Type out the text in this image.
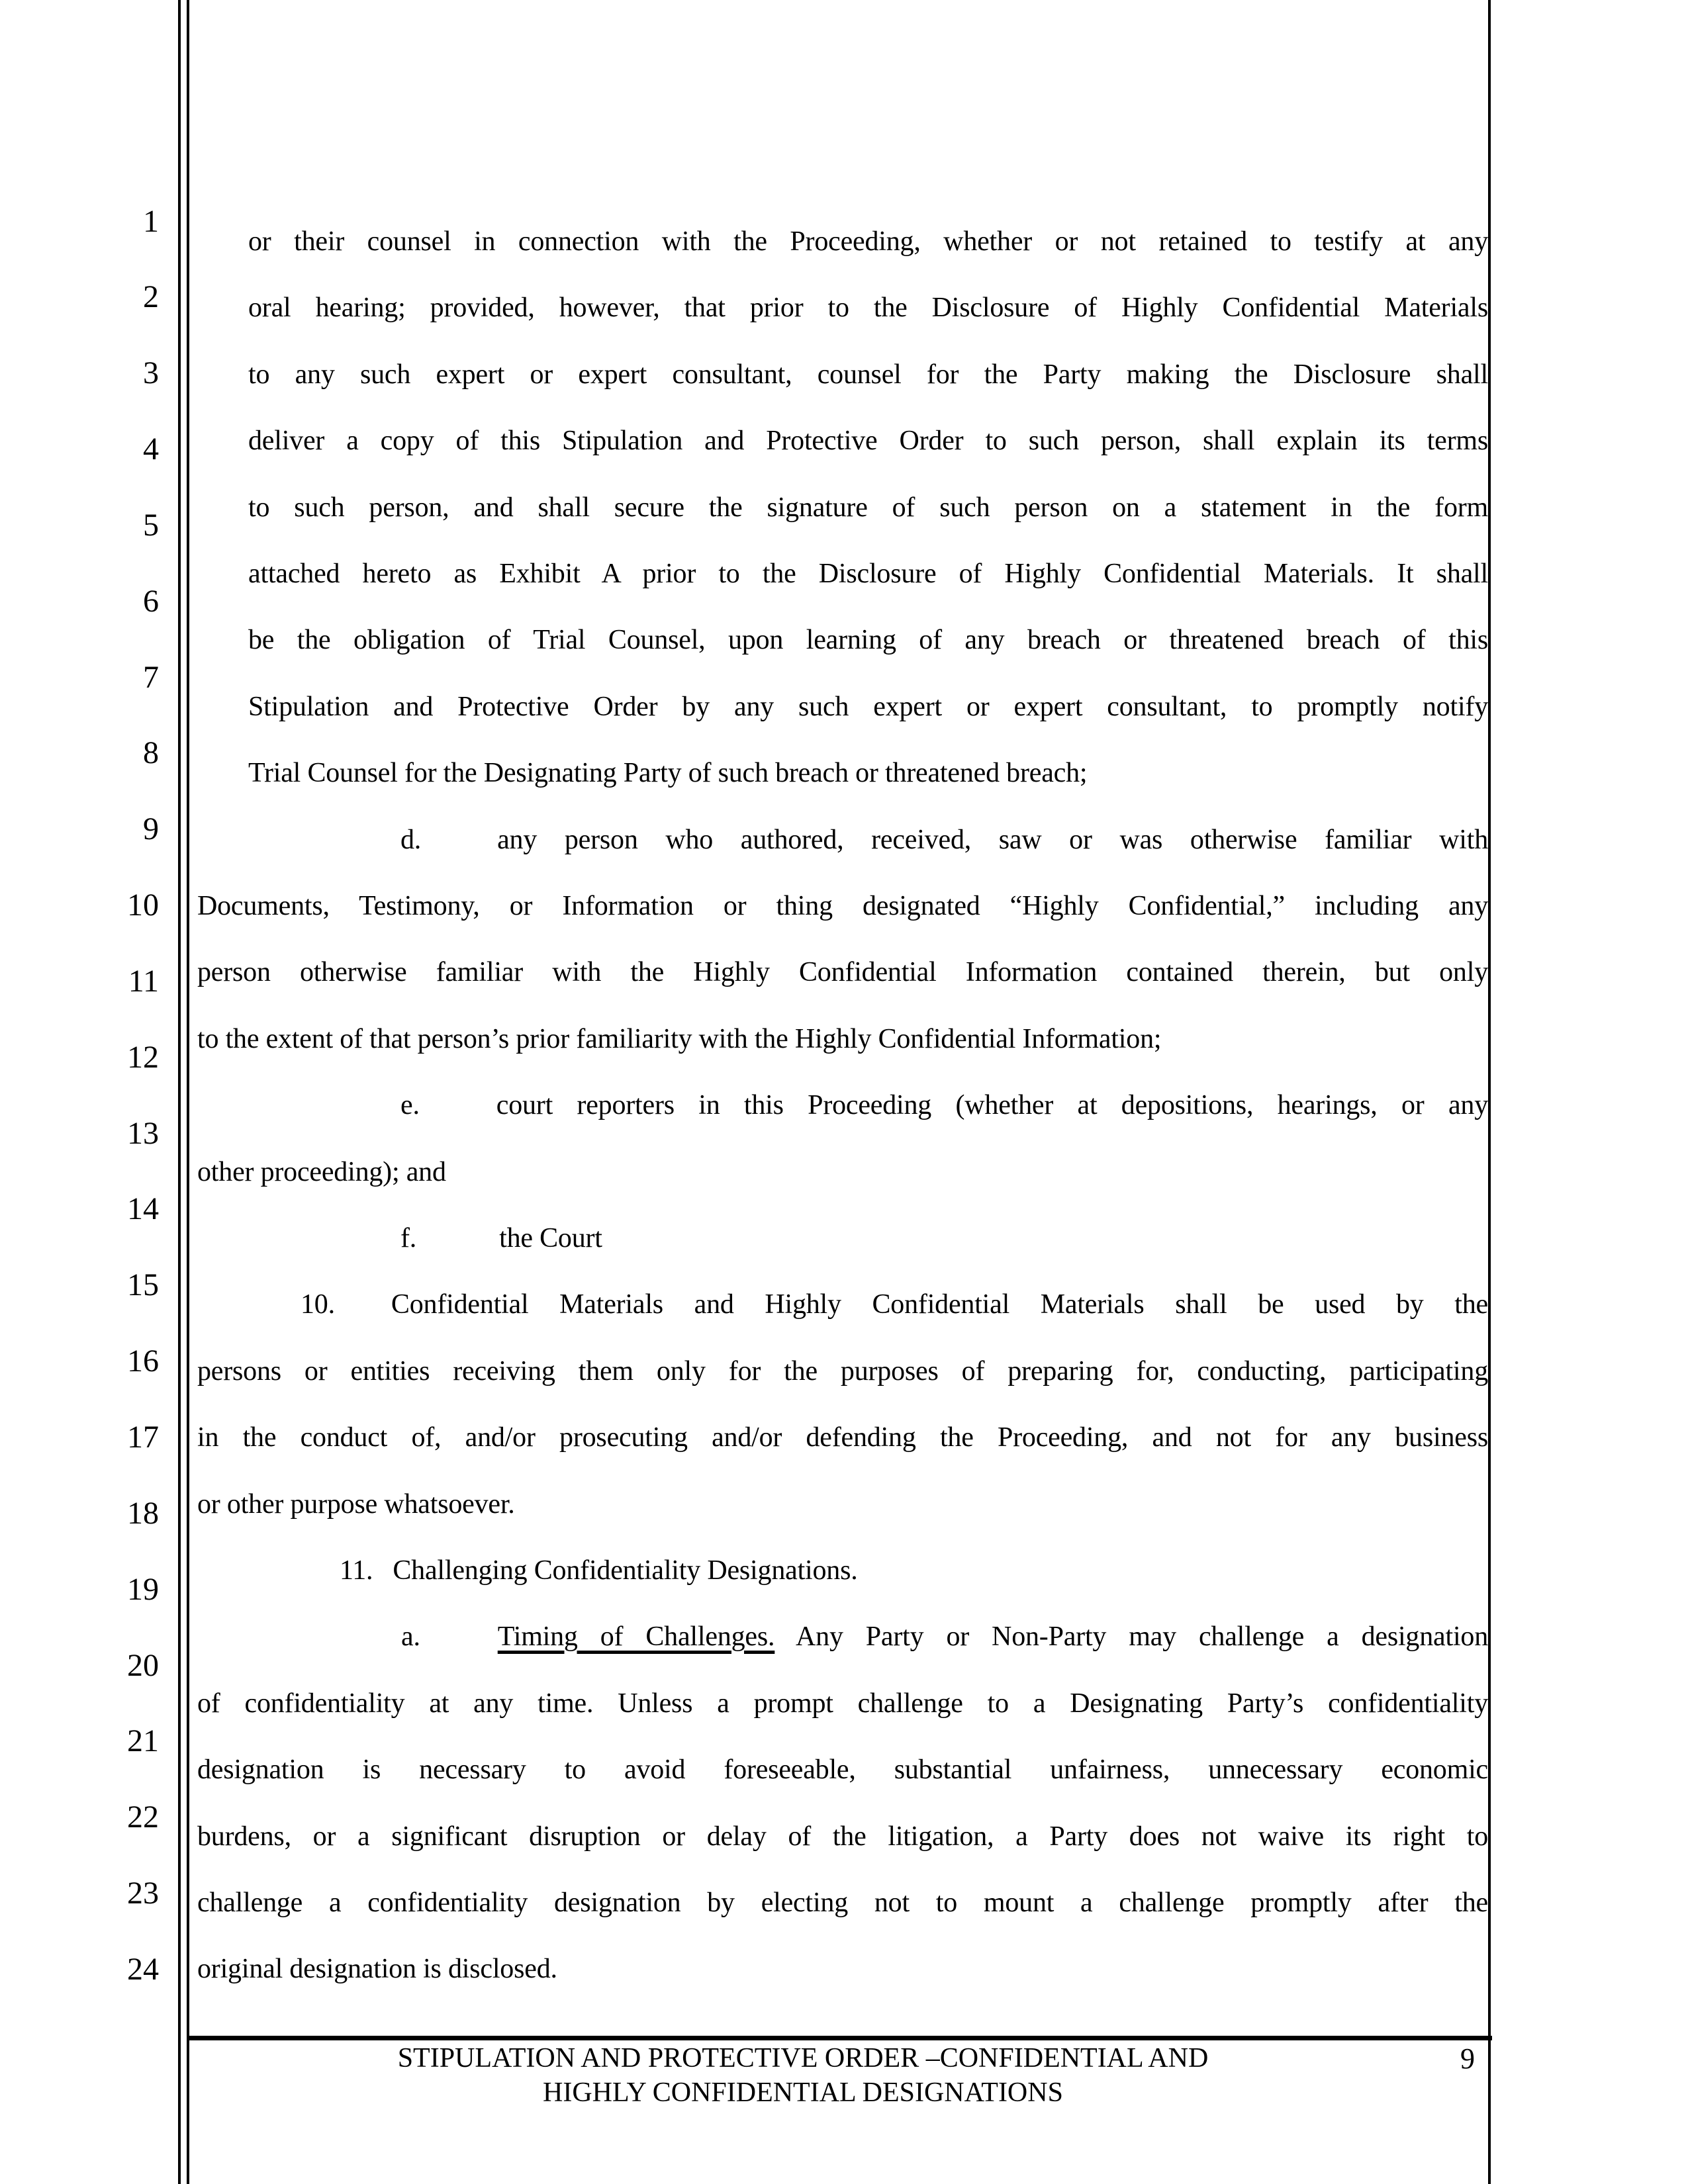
1
2
3
4
5
6
7
8
9
10
11
12
13
14
15
16
17
18
19
20
21
22
23
24
or their counsel in connection with the Proceeding, whether or not retained to testify at any
oral hearing; provided, however, that prior to the Disclosure of Highly Confidential Materials
to any such expert or expert consultant, counsel for the Party making the Disclosure shall
deliver a copy of this Stipulation and Protective Order to such person, shall explain its terms
to such person, and shall secure the signature of such person on a statement in the form
attached hereto as Exhibit A prior to the Disclosure of Highly Confidential Materials. It shall
be the obligation of Trial Counsel, upon learning of any breach or threatened breach of this
Stipulation and Protective Order by any such expert or expert consultant, to promptly notify
Trial Counsel for the Designating Party of such breach or threatened breach;
d.	any person who authored, received, saw or was otherwise familiar with
Documents, Testimony, or Information or thing designated “Highly Confidential,” including any
person otherwise familiar with the Highly Confidential Information contained therein, but only
to the extent of that person’s prior familiarity with the Highly Confidential Information;
e.	court reporters in this Proceeding (whether at depositions, hearings, or any
other proceeding); and
f.	the Court
10. Confidential Materials and Highly Confidential Materials shall be used by the
persons or entities receiving them only for the purposes of preparing for, conducting, participating
in the conduct of, and/or prosecuting and/or defending the Proceeding, and not for any business
or other purpose whatsoever.
11. Challenging Confidentiality Designations.
a.	Timing of Challenges. Any Party or Non-Party may challenge a designation
of confidentiality at any time. Unless a prompt challenge to a Designating Party’s confidentiality
designation is necessary to avoid foreseeable, substantial unfairness, unnecessary economic
burdens, or a significant disruption or delay of the litigation, a Party does not waive its right to
challenge a confidentiality designation by electing not to mount a challenge promptly after the
original designation is disclosed.
STIPULATION AND PROTECTIVE ORDER –CONFIDENTIAL AND
HIGHLY CONFIDENTIAL DESIGNATIONS
9
